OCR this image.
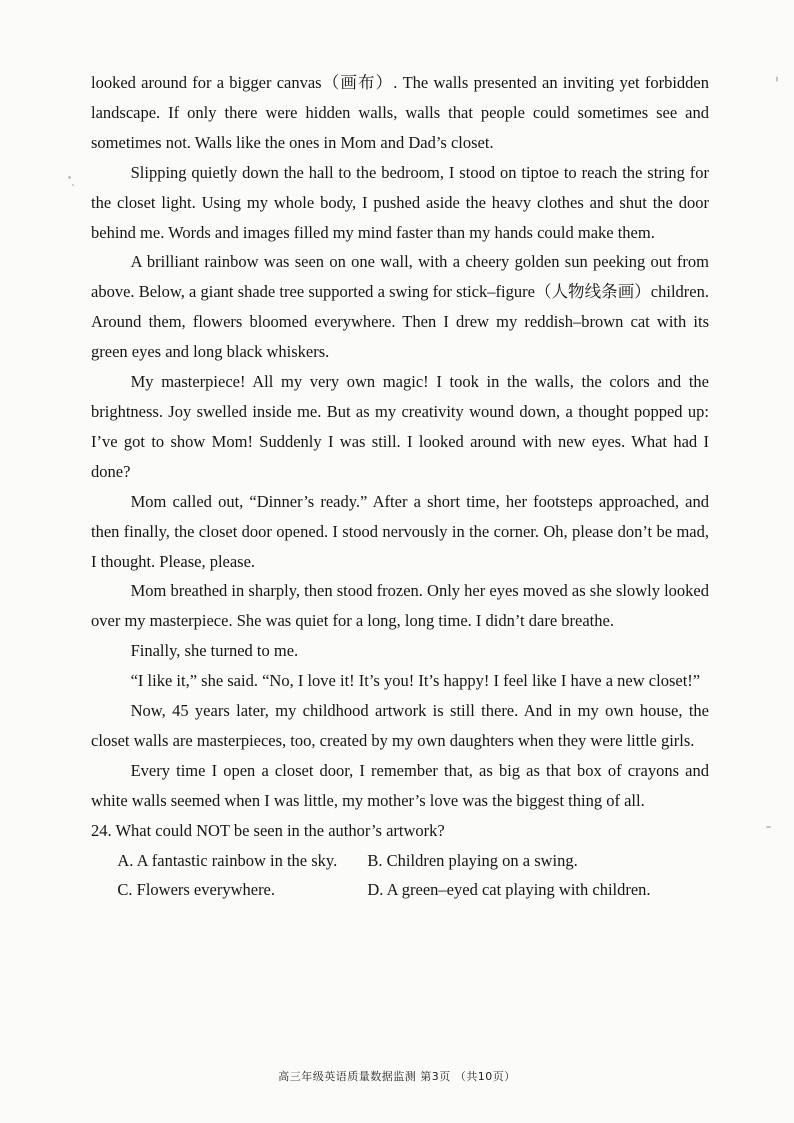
looked around for a bigger canvas（画布）. The walls presented an inviting yet forbidden landscape. If only there were hidden walls, walls that people could sometimes see and sometimes not. Walls like the ones in Mom and Dad’s closet.

Slipping quietly down the hall to the bedroom, I stood on tiptoe to reach the string for the closet light. Using my whole body, I pushed aside the heavy clothes and shut the door behind me. Words and images filled my mind faster than my hands could make them.

A brilliant rainbow was seen on one wall, with a cheery golden sun peeking out from above. Below, a giant shade tree supported a swing for stick–figure（人物线条画）children. Around them, flowers bloomed everywhere. Then I drew my reddish–brown cat with its green eyes and long black whiskers.

My masterpiece! All my very own magic! I took in the walls, the colors and the brightness. Joy swelled inside me. But as my creativity wound down, a thought popped up: I’ve got to show Mom! Suddenly I was still. I looked around with new eyes. What had I done?

Mom called out, “Dinner’s ready.” After a short time, her footsteps approached, and then finally, the closet door opened. I stood nervously in the corner. Oh, please don’t be mad, I thought. Please, please.

Mom breathed in sharply, then stood frozen. Only her eyes moved as she slowly looked over my masterpiece. She was quiet for a long, long time. I didn’t dare breathe.

Finally, she turned to me.

“I like it,” she said. “No, I love it! It’s you! It’s happy! I feel like I have a new closet!”

Now, 45 years later, my childhood artwork is still there. And in my own house, the closet walls are masterpieces, too, created by my own daughters when they were little girls.

Every time I open a closet door, I remember that, as big as that box of crayons and white walls seemed when I was little, my mother’s love was the biggest thing of all.

24. What could NOT be seen in the author’s artwork?

A. A fantastic rainbow in the sky.	B. Children playing on a swing.
C. Flowers everywhere.	D. A green–eyed cat playing with children.
高三年级英语质量数据监测 第3页 （共10页）
